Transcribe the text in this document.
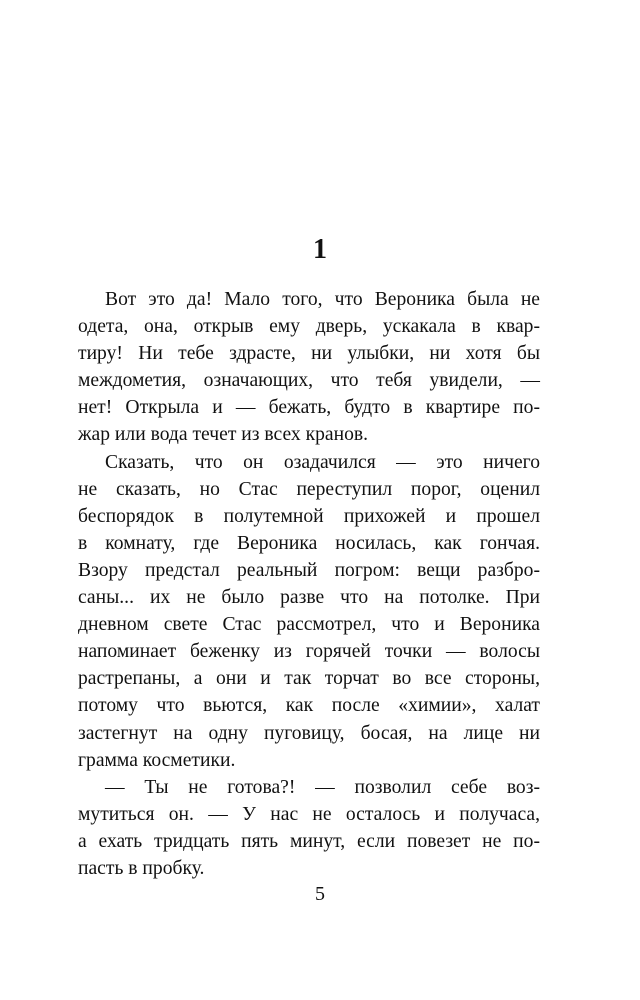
1
Вот это да! Мало того, что Вероника была не
одета, она, открыв ему дверь, ускакала в квар-
тиру! Ни тебе здрасте, ни улыбки, ни хотя бы
междометия, означающих, что тебя увидели, —
нет! Открыла и — бежать, будто в квартире по-
жар или вода течет из всех кранов.
Сказать, что он озадачился — это ничего
не сказать, но Стас переступил порог, оценил
беспорядок в полутемной прихожей и прошел
в комнату, где Вероника носилась, как гончая.
Взору предстал реальный погром: вещи разбро-
саны... их не было разве что на потолке. При
дневном свете Стас рассмотрел, что и Вероника
напоминает беженку из горячей точки — волосы
растрепаны, а они и так торчат во все стороны,
потому что вьются, как после «химии», халат
застегнут на одну пуговицу, босая, на лице ни
грамма косметики.
— Ты не готова?! — позволил себе воз-
мутиться он. — У нас не осталось и получаса,
а ехать тридцать пять минут, если повезет не по-
пасть в пробку.
5
